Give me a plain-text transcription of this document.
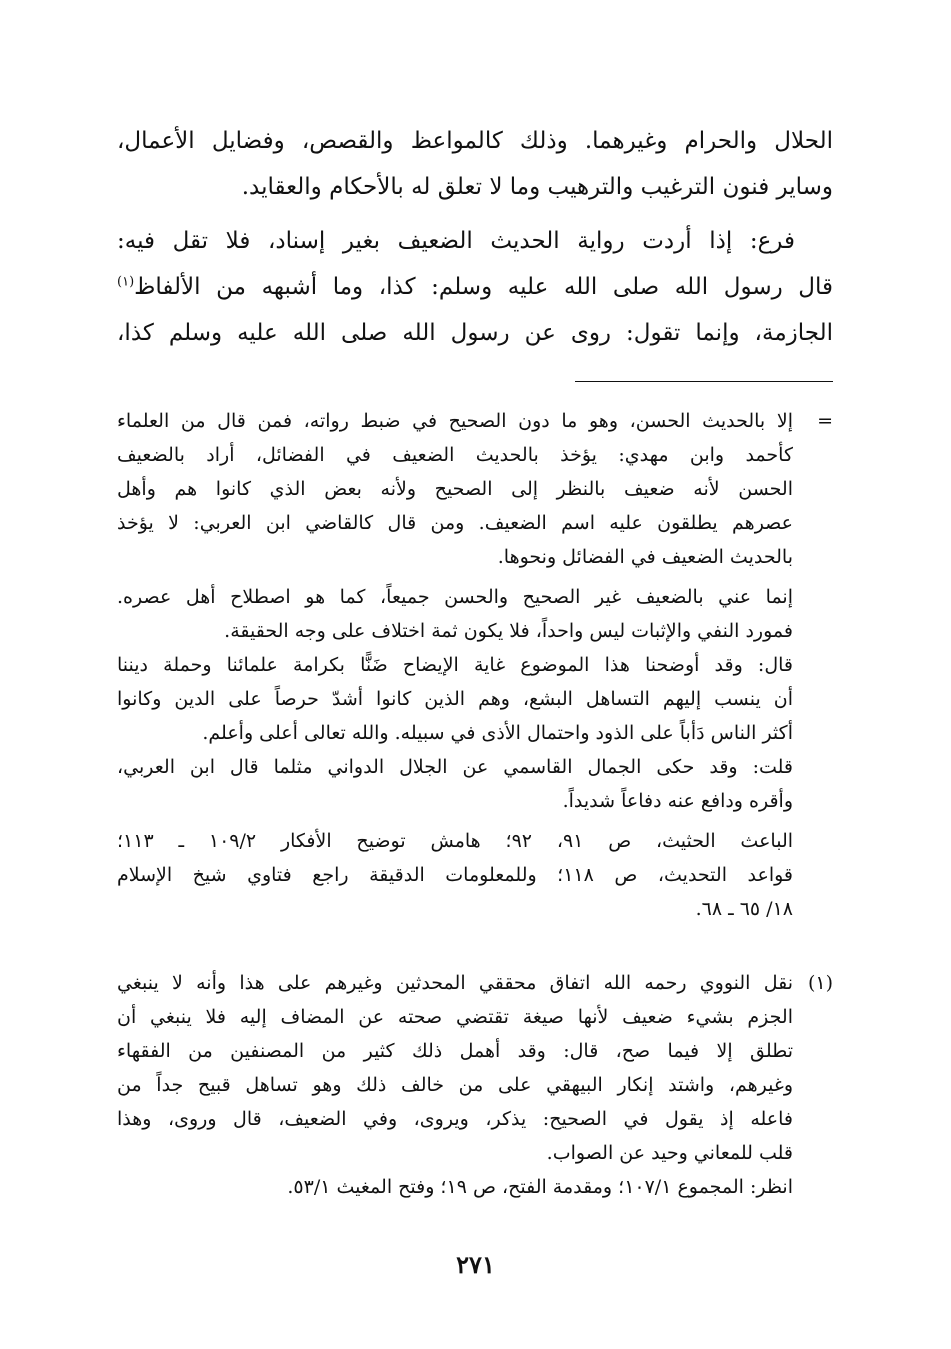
الحلال والحرام وغيرهما. وذلك كالمواعظ والقصص، وفضايل الأعمال،
وساير فنون الترغيب والترهيب وما لا تعلق له بالأحكام والعقايد.
فرع: إذا أردت رواية الحديث الضعيف بغير إسناد، فلا تقل فيه:
قال رسول الله صلى الله عليه وسلم: كذا، وما أشبهه من الألفاظ$^{(١)}$
الجازمة، وإنما تقول: روى عن رسول الله صلى الله عليه وسلم كذا،
=
إلا بالحديث الحسن، وهو ما دون الصحيح في ضبط رواته، فمن قال من العلماء
كأحمد وابن مهدي: يؤخذ بالحديث الضعيف في الفضائل، أراد بالضعيف
الحسن لأنه ضعيف بالنظر إلى الصحيح ولأنه بعض الذي كانوا هم وأهل
عصرهم يطلقون عليه اسم الضعيف. ومن قال كالقاضي ابن العربي: لا يؤخذ
بالحديث الضعيف في الفضائل ونحوها.
إنما عني بالضعيف غير الصحيح والحسن جميعاً، كما هو اصطلاح أهل عصره.
فمورد النفي والإثبات ليس واحداً، فلا يكون ثمة اختلاف على وجه الحقيقة.
قال: وقد أوضحنا هذا الموضوع غاية الإيضاح ضَنًّا بكرامة علمائنا وحملة ديننا
أن ينسب إليهم التساهل البشع، وهم الذين كانوا أشدّ حرصاً على الدين وكانوا
أكثر الناس دَأباً على الذود واحتمال الأذى في سبيله. والله تعالى أعلى وأعلم.
قلت: وقد حكى الجمال القاسمي عن الجلال الدواني مثلما قال ابن العربي،
وأقره ودافع عنه دفاعاً شديداً.
الباعث الحثيث، ص ٩١، ٩٢؛ هامش توضيح الأفكار ١٠٩/٢ ـ ١١٣؛
قواعد التحديث، ص ١١٨؛ وللمعلومات الدقيقة راجع فتاوي شيخ الإسلام
١٨/ ٦٥ ـ ٦٨.
(١)
نقل النووي رحمه الله اتفاق محققي المحدثين وغيرهم على هذا وأنه لا ينبغي
الجزم بشيء ضعيف لأنها صيغة تقتضي صحته عن المضاف إليه فلا ينبغي أن
تطلق إلا فيما صح، قال: وقد أهمل ذلك كثير من المصنفين من الفقهاء
وغيرهم، واشتد إنكار البيهقي على من خالف ذلك وهو تساهل قبيح جداً من
فاعله إذ يقول في الصحيح: يذكر، ويروى، وفي الضعيف، قال وروى، وهذا
قلب للمعاني وحيد عن الصواب.
انظر: المجموع ١٠٧/١؛ ومقدمة الفتح، ص ١٩؛ وفتح المغيث ٥٣/١.
٢٧١
